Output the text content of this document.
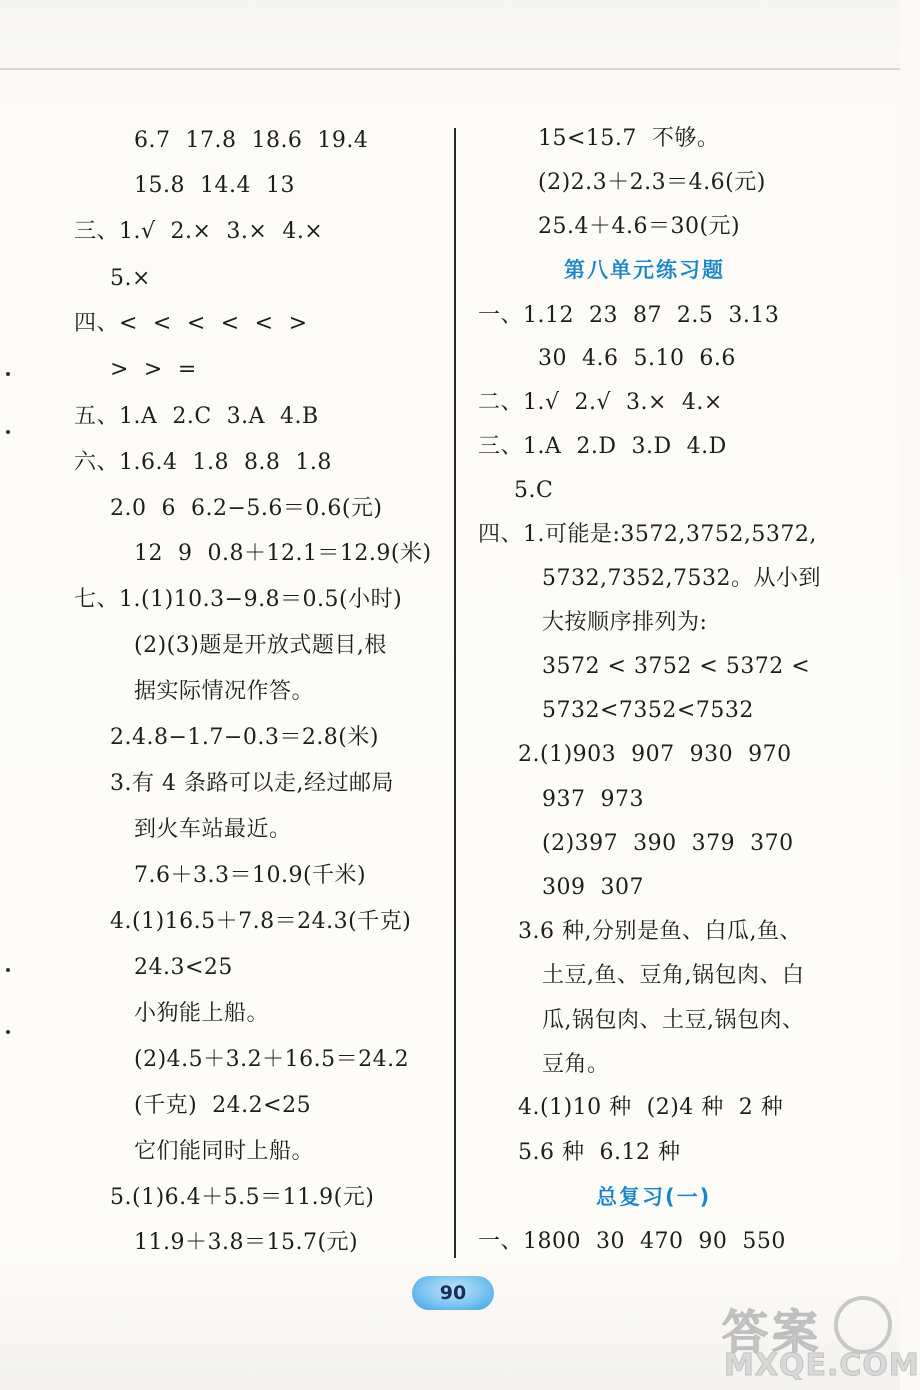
6.7  17.8  18.6  19.4
15.8  14.4  13
三、1.√  2.×  3.×  4.×
5.×
四、<  <  <  <  <  >
>  >  =
五、1.A  2.C  3.A  4.B
六、1.6.4  1.8  8.8  1.8
2.0  6  6.2−5.6＝0.6(元)
12  9  0.8＋12.1＝12.9(米)
七、1.(1)10.3−9.8＝0.5(小时)
(2)(3)题是开放式题目,根
据实际情况作答。
2.4.8−1.7−0.3＝2.8(米)
3.有 4 条路可以走,经过邮局
到火车站最近。
7.6＋3.3＝10.9(千米)
4.(1)16.5＋7.8＝24.3(千克)
24.3<25
小狗能上船。
(2)4.5＋3.2＋16.5＝24.2
(千克)  24.2<25
它们能同时上船。
5.(1)6.4＋5.5＝11.9(元)
11.9＋3.8＝15.7(元)
15<15.7  不够。
(2)2.3＋2.3＝4.6(元)
25.4＋4.6＝30(元)
第八单元练习题
一、1.12  23  87  2.5  3.13
30  4.6  5.10  6.6
二、1.√  2.√  3.×  4.×
三、1.A  2.D  3.D  4.D
5.C
四、1.可能是:3572,3752,5372,
5732,7352,7532。从小到
大按顺序排列为:
3572 < 3752 < 5372 <
5732<7352<7532
2.(1)903  907  930  970
937  973
(2)397  390  379  370
309  307
3.6 种,分别是鱼、白瓜,鱼、
土豆,鱼、豆角,锅包肉、白
瓜,锅包肉、土豆,锅包肉、
豆角。
4.(1)10 种  (2)4 种  2 种
5.6 种  6.12 种
总复习(一)
一、1800  30  470  90  550
90
答案
MXQE.COM
